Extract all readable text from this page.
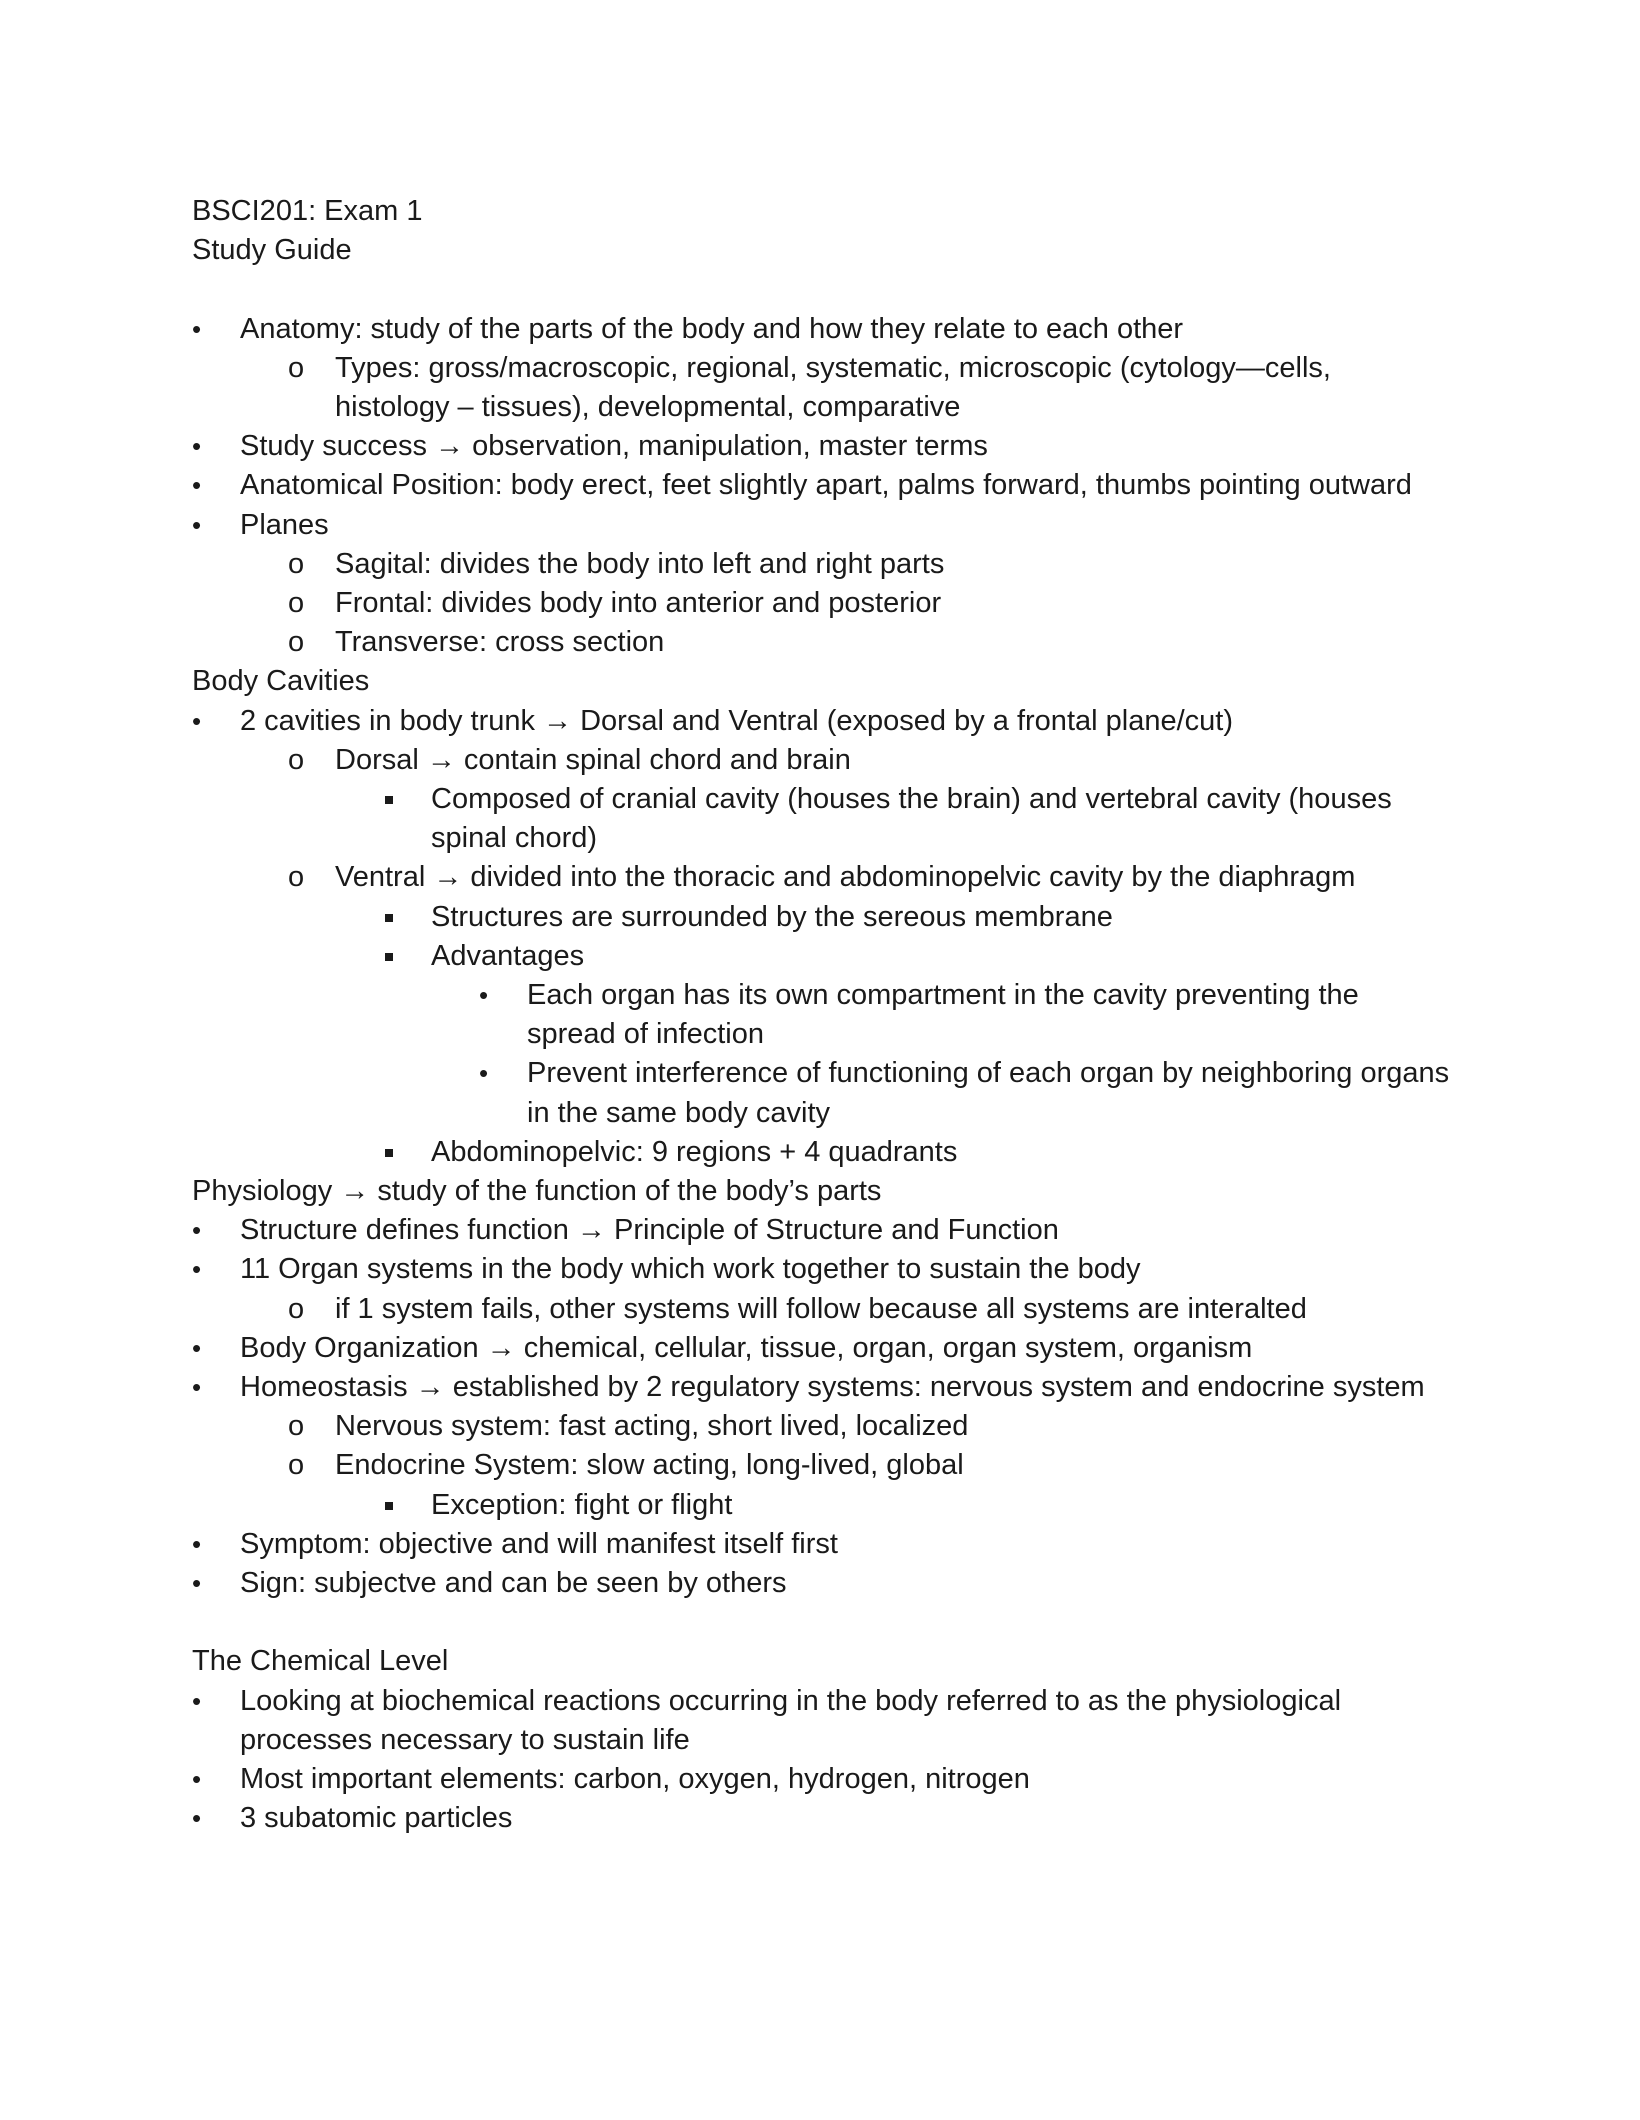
BSCI201: Exam 1

Study Guide

•	Anatomy: study of the parts of the body and how they relate to each other
o Types: gross/macroscopic, regional, systematic, microscopic (cytology—cells, histology – tissues), developmental, comparative
•	Study success → observation, manipulation, master terms
•	Anatomical Position: body erect, feet slightly apart, palms forward, thumbs pointing outward
•	Planes
o Sagital: divides the body into left and right parts
o Frontal: divides body into anterior and posterior
o Transverse: cross section

Body Cavities

•	2 cavities in body trunk → Dorsal and Ventral (exposed by a frontal plane/cut)
o Dorsal → contain spinal chord and brain
Composed of cranial cavity (houses the brain) and vertebral cavity (houses spinal chord)
o Ventral → divided into the thoracic and abdominopelvic cavity by the diaphragm
Structures are surrounded by the sereous membrane
Advantages
•	Each organ has its own compartment in the cavity preventing the spread of infection
•	Prevent interference of functioning of each organ by neighboring organs in the same body cavity
Abdominopelvic: 9 regions + 4 quadrants

Physiology → study of the function of the body’s parts

•	Structure defines function → Principle of Structure and Function
•	11 Organ systems in the body which work together to sustain the body
o if 1 system fails, other systems will follow because all systems are interalted
•	Body Organization → chemical, cellular, tissue, organ, organ system, organism
•	Homeostasis → established by 2 regulatory systems: nervous system and endocrine system
o Nervous system: fast acting, short lived, localized
o Endocrine System: slow acting, long-lived, global
Exception: fight or flight
•	Symptom: objective and will manifest itself first
•	Sign: subjectve and can be seen by others

The Chemical Level

•	Looking at biochemical reactions occurring in the body referred to as the physiological processes necessary to sustain life
•	Most important elements: carbon, oxygen, hydrogen, nitrogen
•	3 subatomic particles
